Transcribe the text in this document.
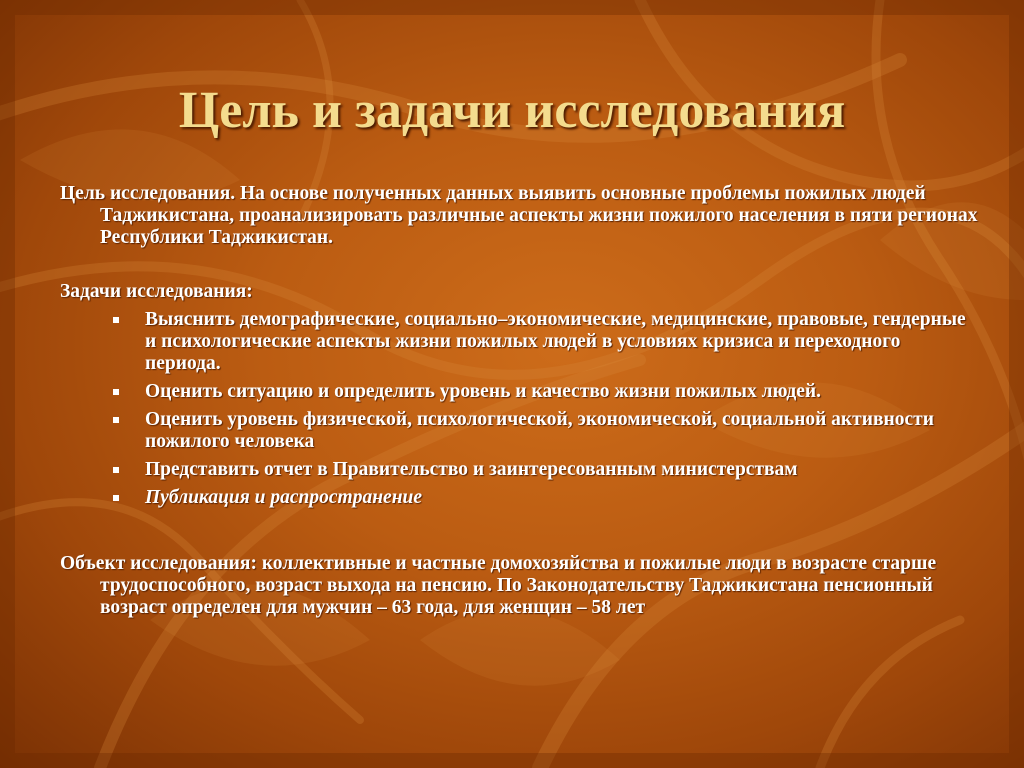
Цель и задачи исследования

Цель исследования. На основе полученных данных выявить основные проблемы пожилых людей Таджикистана, проанализировать различные аспекты жизни пожилого населения в пяти регионах Республики Таджикистан.

Задачи исследования:

Выяснить демографические, социально–экономические, медицинские, правовые, гендерные и психологические аспекты жизни пожилых людей в условиях кризиса и переходного периода.
Оценить ситуацию и определить уровень и качество жизни пожилых людей.
Оценить уровень физической, психологической, экономической, социальной активности пожилого человека
Представить отчет в Правительство и заинтересованным министерствам
Публикация и распространение

Объект исследования: коллективные и частные домохозяйства и пожилые люди в возрасте старше трудоспособного, возраст выхода на пенсию. По Законодательству Таджикистана пенсионный возраст определен для мужчин – 63 года, для женщин – 58 лет
